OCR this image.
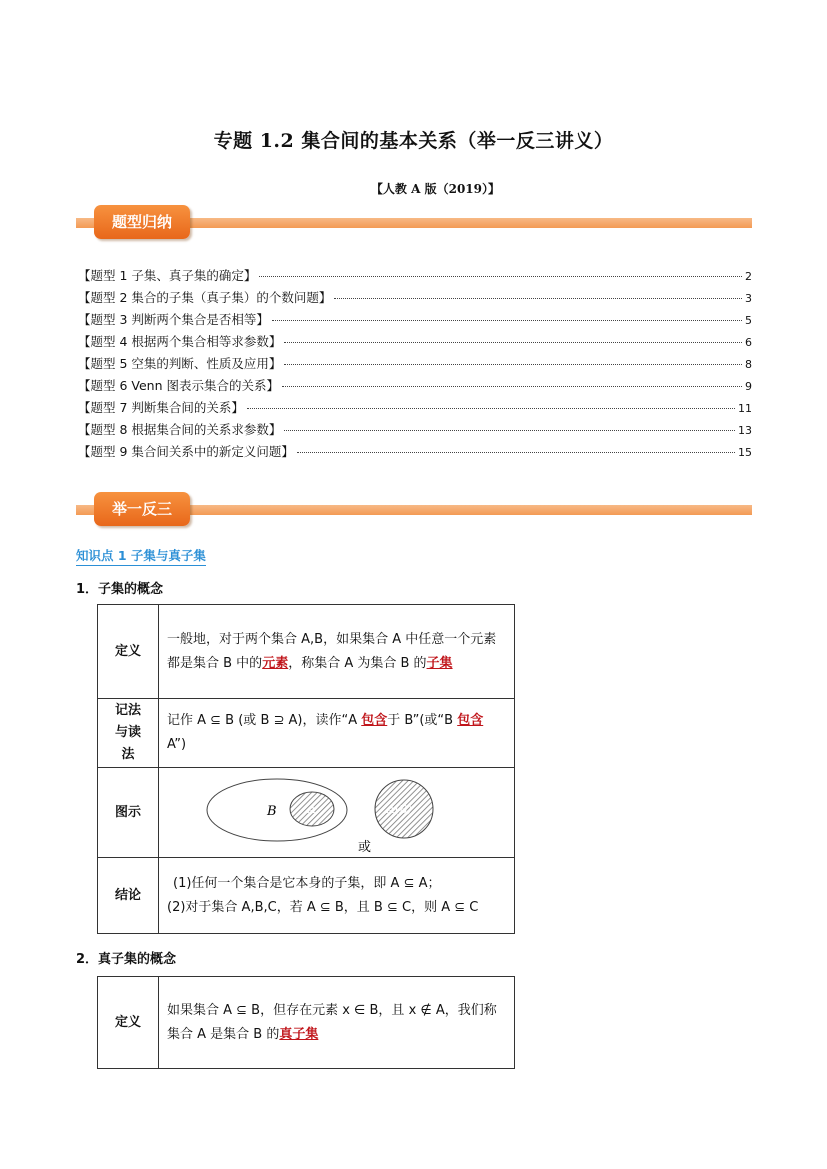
专题 1.2 集合间的基本关系（举一反三讲义）
【人教 A 版（2019）】
题型归纳
【题型 1 子集、真子集的确定】	2
【题型 2 集合的子集（真子集）的个数问题】	3
【题型 3 判断两个集合是否相等】	5
【题型 4 根据两个集合相等求参数】	6
【题型 5 空集的判断、性质及应用】	8
【题型 6 Venn 图表示集合的关系】	9
【题型 7 判断集合间的关系】	11
【题型 8 根据集合间的关系求参数】	13
【题型 9 集合间关系中的新定义问题】	15
举一反三
知识点 1 子集与真子集
1．子集的概念
定义	一般地，对于两个集合 A,B，如果集合 A 中任意一个元素都是集合 B 中的元素，称集合 A 为集合 B 的子集
记法与读法	记作 A ⊆ B (或 B ⊇ A)，读作“A 包含于 B”(或“B 包含 A”)
图示	B A A(B)
或

结论	(1)任何一个集合是它本身的子集，即 A ⊆ A；
(2)对于集合 A,B,C，若 A ⊆ B，且 B ⊆ C，则 A ⊆ C
2．真子集的概念
定义	如果集合 A ⊆ B，但存在元素 x ∈ B，且 x ∉ A，我们称集合 A 是集合 B 的真子集
